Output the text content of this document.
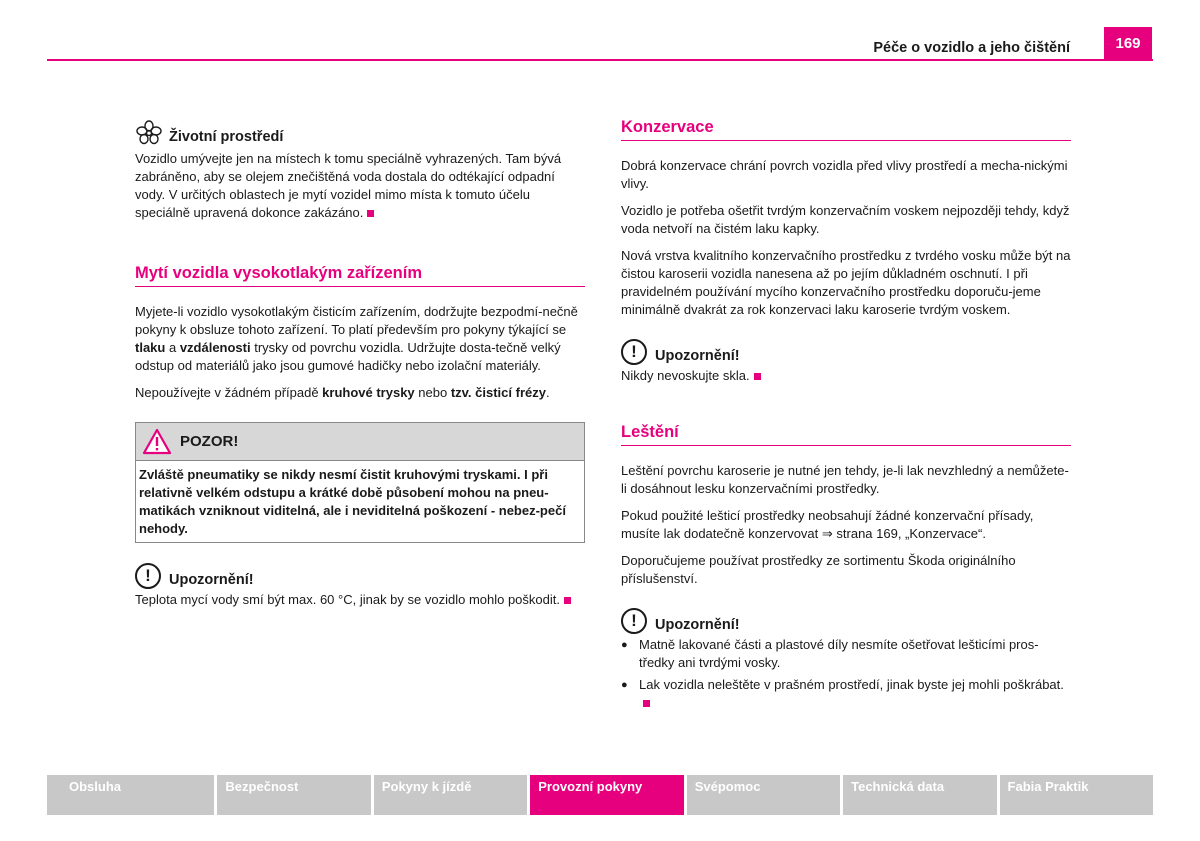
Péče o vozidlo a jeho čištění	169
Životní prostředí

Vozidlo umývejte jen na místech k tomu speciálně vyhrazených. Tam bývá zabráněno, aby se olejem znečištěná voda dostala do odtékající odpadní vody. V určitých oblastech je mytí vozidel mimo místa k tomuto účelu speciálně upravená dokonce zakázáno.

Mytí vozidla vysokotlakým zařízením

Myjete-li vozidlo vysokotlakým čisticím zařízením, dodržujte bezpodmí-nečně pokyny k obsluze tohoto zařízení. To platí především pro pokyny týkající se tlaku a vzdálenosti trysky od povrchu vozidla. Udržujte dosta-tečně velký odstup od materiálů jako jsou gumové hadičky nebo izolační materiály.

Nepoužívejte v žádném případě kruhové trysky nebo tzv. čisticí frézy.

POZOR!
Zvláště pneumatiky se nikdy nesmí čistit kruhovými tryskami. I při relativně velkém odstupu a krátké době působení mohou na pneu-matikách vzniknout viditelná, ale i neviditelná poškození - nebez-pečí nehody.
!	Upozornění!

Teplota mycí vody smí být max. 60 °C, jinak by se vozidlo mohlo poškodit.

Konzervace

Dobrá konzervace chrání povrch vozidla před vlivy prostředí a mecha-nickými vlivy.

Vozidlo je potřeba ošetřit tvrdým konzervačním voskem nejpozději tehdy, když voda netvoří na čistém laku kapky.

Nová vrstva kvalitního konzervačního prostředku z tvrdého vosku může být na čistou karoserii vozidla nanesena až po jejím důkladném oschnutí. I při pravidelném používání mycího konzervačního prostředku doporuču-jeme minimálně dvakrát za rok konzervaci laku karoserie tvrdým voskem.

!	Upozornění!

Nikdy nevoskujte skla.

Leštění

Leštění povrchu karoserie je nutné jen tehdy, je-li lak nevzhledný a nemůžete-li dosáhnout lesku konzervačními prostředky.

Pokud použité lešticí prostředky neobsahují žádné konzervační přísady, musíte lak dodatečně konzervovat ⇒ strana 169, „Konzervace“.

Doporučujeme používat prostředky ze sortimentu Škoda originálního příslušenství.

!	Upozornění!
● Matně lakované části a plastové díly nesmíte ošetřovat lešticími pros-tředky ani tvrdými vosky.
● Lak vozidla neleštěte v prašném prostředí, jinak byste jej mohli poškrábat.
Obsluha	Bezpečnost	Pokyny k jízdě	Provozní pokyny	Svépomoc	Technická data	Fabia Praktik
